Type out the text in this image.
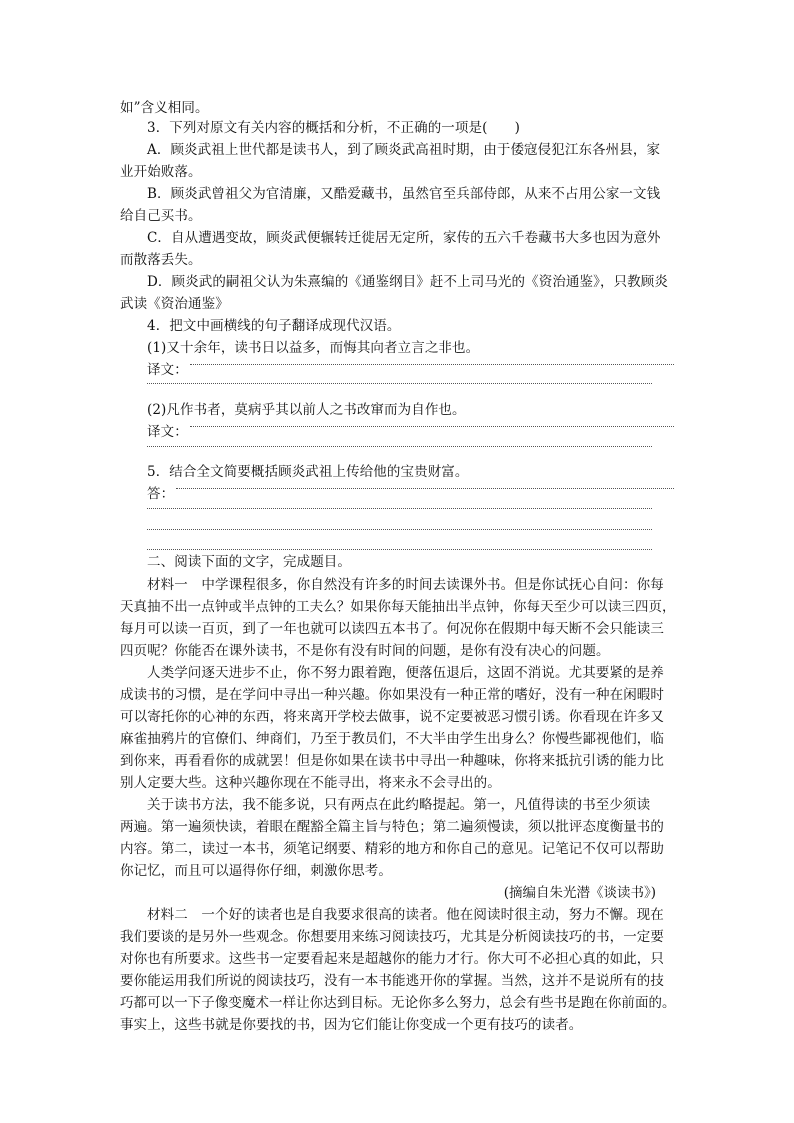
如”含义相同。
3．下列对原文有关内容的概括和分析，不正确的一项是(　　)
A．顾炎武祖上世代都是读书人，到了顾炎武高祖时期，由于倭寇侵犯江东各州县，家
业开始败落。
B．顾炎武曾祖父为官清廉，又酷爱藏书，虽然官至兵部侍郎，从来不占用公家一文钱
给自己买书。
C．自从遭遇变故，顾炎武便辗转迁徙居无定所，家传的五六千卷藏书大多也因为意外
而散落丢失。
D．顾炎武的嗣祖父认为朱熹编的《通鉴纲目》赶不上司马光的《资治通鉴》，只教顾炎
武读《资治通鉴》
4．把文中画横线的句子翻译成现代汉语。
(1)又十余年，读书日以益多，而悔其向者立言之非也。
译文：
(2)凡作书者，莫病乎其以前人之书改窜而为自作也。
译文：
5．结合全文简要概括顾炎武祖上传给他的宝贵财富。
答：
二、阅读下面的文字，完成题目。
材料一　中学课程很多，你自然没有许多的时间去读课外书。但是你试抚心自问：你每
天真抽不出一点钟或半点钟的工夫么？如果你每天能抽出半点钟，你每天至少可以读三四页，
每月可以读一百页，到了一年也就可以读四五本书了。何况你在假期中每天断不会只能读三
四页呢？你能否在课外读书，不是你有没有时间的问题，是你有没有决心的问题。
人类学问逐天进步不止，你不努力跟着跑，便落伍退后，这固不消说。尤其要紧的是养
成读书的习惯，是在学问中寻出一种兴趣。你如果没有一种正常的嗜好，没有一种在闲暇时
可以寄托你的心神的东西，将来离开学校去做事，说不定要被恶习惯引诱。你看现在许多又
麻雀抽鸦片的官僚们、绅商们，乃至于教员们，不大半由学生出身么？你慢些鄙视他们，临
到你来，再看看你的成就罢！但是你如果在读书中寻出一种趣味，你将来抵抗引诱的能力比
别人定要大些。这种兴趣你现在不能寻出，将来永不会寻出的。
关于读书方法，我不能多说，只有两点在此约略提起。第一，凡值得读的书至少须读
两遍。第一遍须快读，着眼在醒豁全篇主旨与特色；第二遍须慢读，须以批评态度衡量书的
内容。第二，读过一本书，须笔记纲要、精彩的地方和你自己的意见。记笔记不仅可以帮助
你记忆，而且可以逼得你仔细，刺激你思考。
(摘编自朱光潜《谈读书》)
材料二　一个好的读者也是自我要求很高的读者。他在阅读时很主动，努力不懈。现在
我们要谈的是另外一些观念。你想要用来练习阅读技巧，尤其是分析阅读技巧的书，一定要
对你也有所要求。这些书一定要看起来是超越你的能力才行。你大可不必担心真的如此，只
要你能运用我们所说的阅读技巧，没有一本书能逃开你的掌握。当然，这并不是说所有的技
巧都可以一下子像变魔术一样让你达到目标。无论你多么努力，总会有些书是跑在你前面的。
事实上，这些书就是你要找的书，因为它们能让你变成一个更有技巧的读者。
